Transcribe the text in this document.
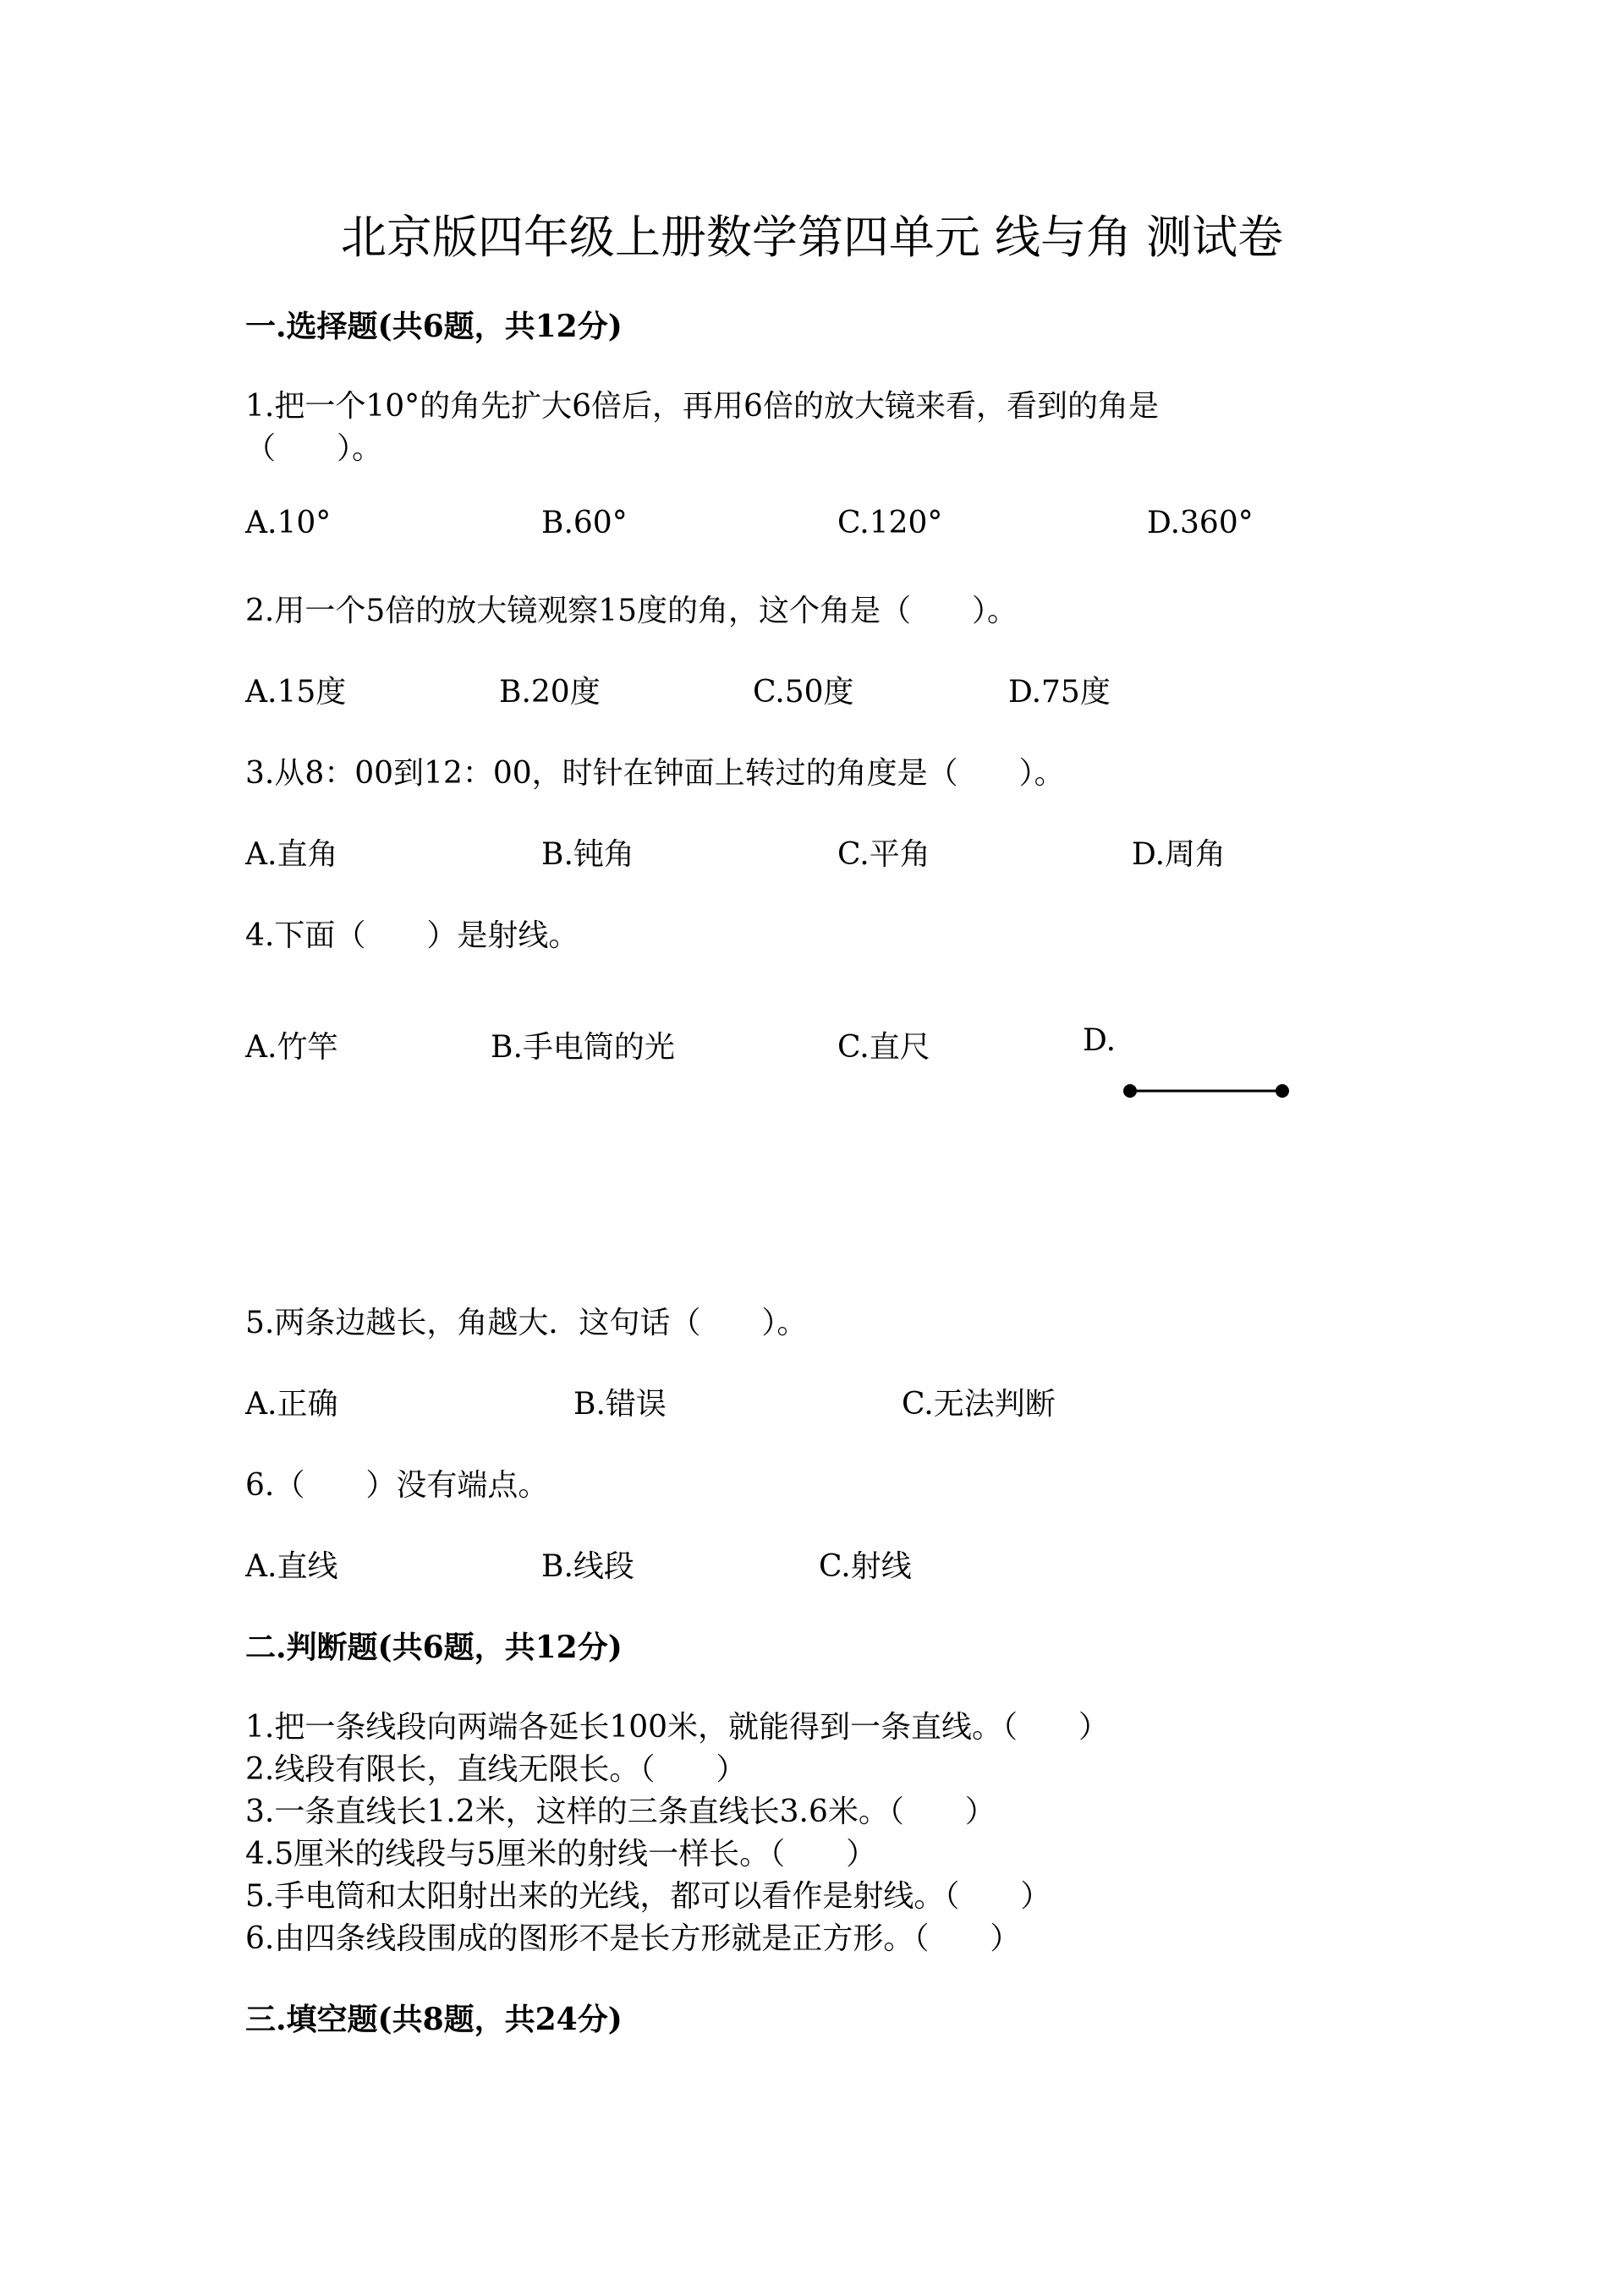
北京版四年级上册数学第四单元 线与角 测试卷
一.选择题(共6题，共12分)
1.把一个10°的角先扩大6倍后，再用6倍的放大镜来看，看到的角是
（　　）。
A.10°	B.60°	C.120°	D.360°
2.用一个5倍的放大镜观察15度的角，这个角是（　　）。
A.15度	B.20度	C.50度	D.75度
3.从8：00到12：00，时针在钟面上转过的角度是（　　）。
A.直角	B.钝角	C.平角	D.周角
4.下面（　　）是射线。
A.竹竿	B.手电筒的光	C.直尺	D.
5.两条边越长，角越大．这句话（　　）。
A.正确	B.错误	C.无法判断
6.（　　）没有端点。
A.直线	B.线段	C.射线
二.判断题(共6题，共12分)
1.把一条线段向两端各延长100米，就能得到一条直线。（　　）
2.线段有限长，直线无限长。（　　）
3.一条直线长1.2米，这样的三条直线长3.6米。（　　）
4.5厘米的线段与5厘米的射线一样长。（　　）
5.手电筒和太阳射出来的光线，都可以看作是射线。（　　）
6.由四条线段围成的图形不是长方形就是正方形。（　　）
三.填空题(共8题，共24分)
